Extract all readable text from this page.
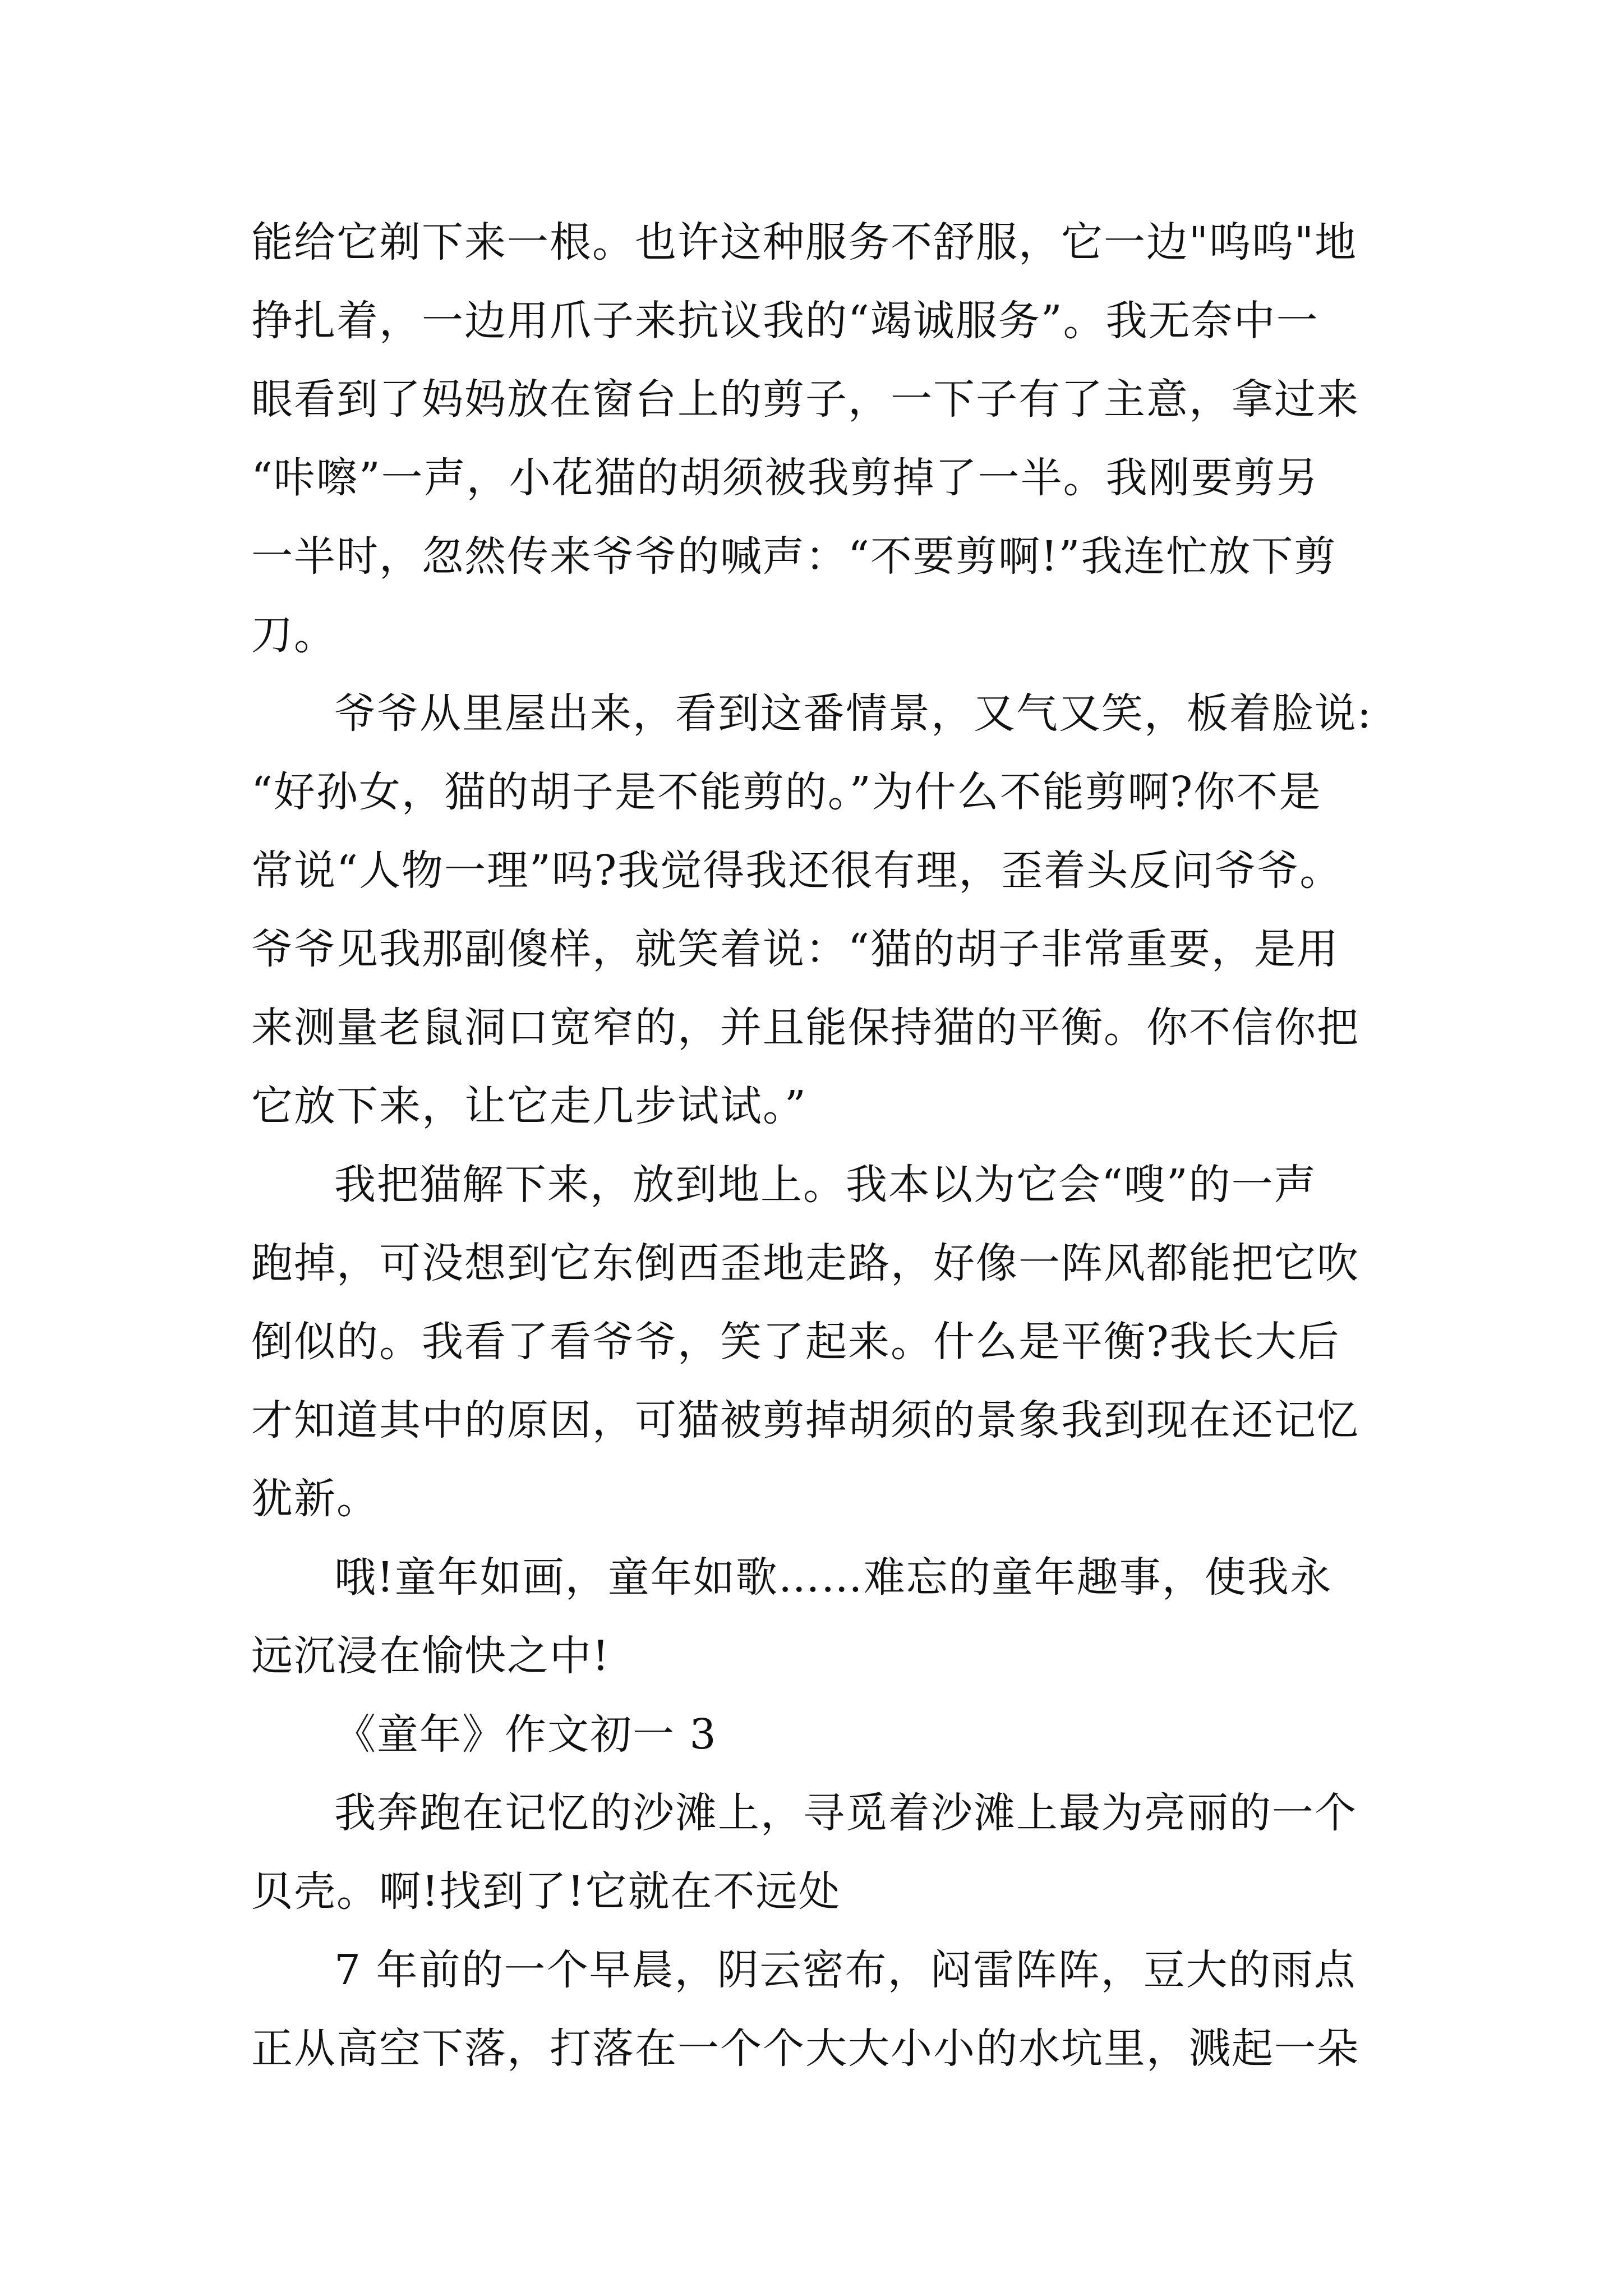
能给它剃下来一根。也许这种服务不舒服，它一边"呜呜"地
挣扎着，一边用爪子来抗议我的“竭诚服务”。我无奈中一
眼看到了妈妈放在窗台上的剪子，一下子有了主意，拿过来
“咔嚓”一声，小花猫的胡须被我剪掉了一半。我刚要剪另
一半时，忽然传来爷爷的喊声：“不要剪啊!”我连忙放下剪
刀。
爷爷从里屋出来，看到这番情景，又气又笑，板着脸说:
“好孙女，猫的胡子是不能剪的。”为什么不能剪啊?你不是
常说“人物一理”吗?我觉得我还很有理，歪着头反问爷爷。
爷爷见我那副傻样，就笑着说：“猫的胡子非常重要，是用
来测量老鼠洞口宽窄的，并且能保持猫的平衡。你不信你把
它放下来，让它走几步试试。”
我把猫解下来，放到地上。我本以为它会“嗖”的一声
跑掉，可没想到它东倒西歪地走路，好像一阵风都能把它吹
倒似的。我看了看爷爷，笑了起来。什么是平衡?我长大后
才知道其中的原因，可猫被剪掉胡须的景象我到现在还记忆
犹新。
哦!童年如画，童年如歌……难忘的童年趣事，使我永
远沉浸在愉快之中!
《童年》作文初一 3
我奔跑在记忆的沙滩上，寻觅着沙滩上最为亮丽的一个
贝壳。啊!找到了!它就在不远处
7 年前的一个早晨，阴云密布，闷雷阵阵，豆大的雨点
正从高空下落，打落在一个个大大小小的水坑里，溅起一朵
